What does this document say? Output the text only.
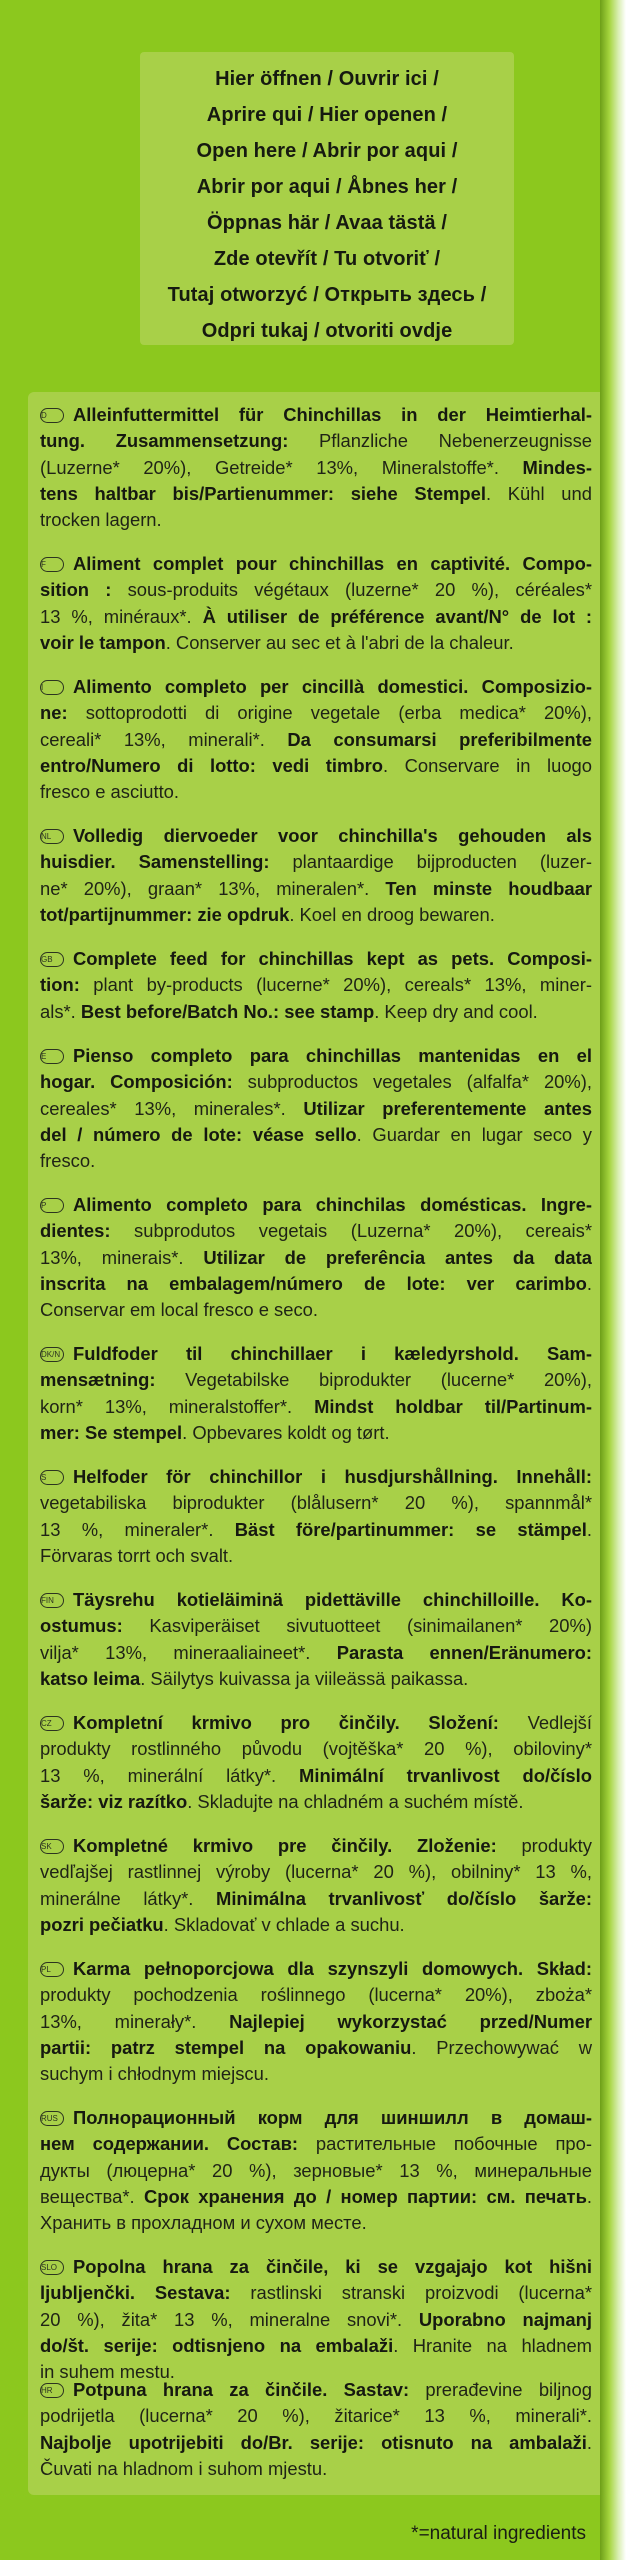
Hier öffnen / Ouvrir ici /
Aprire qui / Hier openen /
Open here / Abrir por aqui /
Abrir por aqui / Åbnes her /
Öppnas här / Avaa tästä /
Zde otevřít / Tu otvoriť /
Tutaj otworzyć / Открыть здесь /
Odpri tukaj / otvoriti ovdje
D Alleinfuttermittel für Chinchillas in der Heimtierhal-
tung. Zusammensetzung: Pflanzliche Nebenerzeugnisse
(Luzerne* 20%), Getreide* 13%, Mineralstoffe*. Mindes-
tens haltbar bis/Partienummer: siehe Stempel. Kühl und
trocken lagern.
F Aliment complet pour chinchillas en captivité. Compo-
sition : sous-produits végétaux (luzerne* 20 %), céréales*
13 %, minéraux*. À utiliser de préférence avant/N° de lot :
voir le tampon. Conserver au sec et à l'abri de la chaleur.
I Alimento completo per cincillà domestici. Composizio-
ne: sottoprodotti di origine vegetale (erba medica* 20%),
cereali* 13%, minerali*. Da consumarsi preferibilmente
entro/Numero di lotto: vedi timbro. Conservare in luogo
fresco e asciutto.
NL Volledig diervoeder voor chinchilla's gehouden als
huisdier. Samenstelling: plantaardige bijproducten (luzer-
ne* 20%), graan* 13%, mineralen*. Ten minste houdbaar
tot/partijnummer: zie opdruk. Koel en droog bewaren.
GB Complete feed for chinchillas kept as pets. Composi-
tion: plant by-products (lucerne* 20%), cereals* 13%, miner-
als*. Best before/Batch No.: see stamp. Keep dry and cool.
E Pienso completo para chinchillas mantenidas en el
hogar. Composición: subproductos vegetales (alfalfa* 20%),
cereales* 13%, minerales*. Utilizar preferentemente antes
del / número de lote: véase sello. Guardar en lugar seco y
fresco.
P Alimento completo para chinchilas domésticas. Ingre-
dientes: subprodutos vegetais (Luzerna* 20%), cereais*
13%, minerais*. Utilizar de preferência antes da data
inscrita na embalagem/número de lote: ver carimbo.
Conservar em local fresco e seco.
DK/N Fuldfoder til chinchillaer i kæledyrshold. Sam-
mensætning: Vegetabilske biprodukter (lucerne* 20%),
korn* 13%, mineralstoffer*. Mindst holdbar til/Partinum-
mer: Se stempel. Opbevares koldt og tørt.
S Helfoder för chinchillor i husdjurshållning. Innehåll:
vegetabiliska biprodukter (blålusern* 20 %), spannmål*
13 %, mineraler*. Bäst före/partinummer: se stämpel.
Förvaras torrt och svalt.
FIN Täysrehu kotieläiminä pidettäville chinchilloille. Ko-
ostumus: Kasviperäiset sivutuotteet (sinimailanen* 20%)
vilja* 13%, mineraaliaineet*. Parasta ennen/Eränumero:
katso leima. Säilytys kuivassa ja viileässä paikassa.
CZ Kompletní krmivo pro činčily. Složení: Vedlejší
produkty rostlinného původu (vojtěška* 20 %), obiloviny*
13 %, minerální látky*. Minimální trvanlivost do/číslo
šarže: viz razítko. Skladujte na chladném a suchém místě.
SK Kompletné krmivo pre činčily. Zloženie: produkty
vedľajšej rastlinnej výroby (lucerna* 20 %), obilniny* 13 %,
minerálne látky*. Minimálna trvanlivosť do/číslo šarže:
pozri pečiatku. Skladovať v chlade a suchu.
PL Karma pełnoporcjowa dla szynszyli domowych. Skład:
produkty pochodzenia roślinnego (lucerna* 20%), zboża*
13%, minerały*. Najlepiej wykorzystać przed/Numer
partii: patrz stempel na opakowaniu. Przechowywać w
suchym i chłodnym miejscu.
RUS Полнорационный корм для шиншилл в домаш-
нем содержании. Состав: растительные побочные про-
дукты (люцерна* 20 %), зерновые* 13 %, минеральные
вещества*. Срок хранения до / номер партии: см. печать.
Хранить в прохладном и сухом месте.
SLO Popolna hrana za činčile, ki se vzgajajo kot hišni
ljubljenčki. Sestava: rastlinski stranski proizvodi (lucerna*
20 %), žita* 13 %, mineralne snovi*. Uporabno najmanj
do/št. serije: odtisnjeno na embalaži. Hranite na hladnem
in suhem mestu.
HR Potpuna hrana za činčile. Sastav: prerađevine biljnog
podrijetla (lucerna* 20 %), žitarice* 13 %, minerali*.
Najbolje upotrijebiti do/Br. serije: otisnuto na ambalaži.
Čuvati na hladnom i suhom mjestu.
*=natural ingredients
